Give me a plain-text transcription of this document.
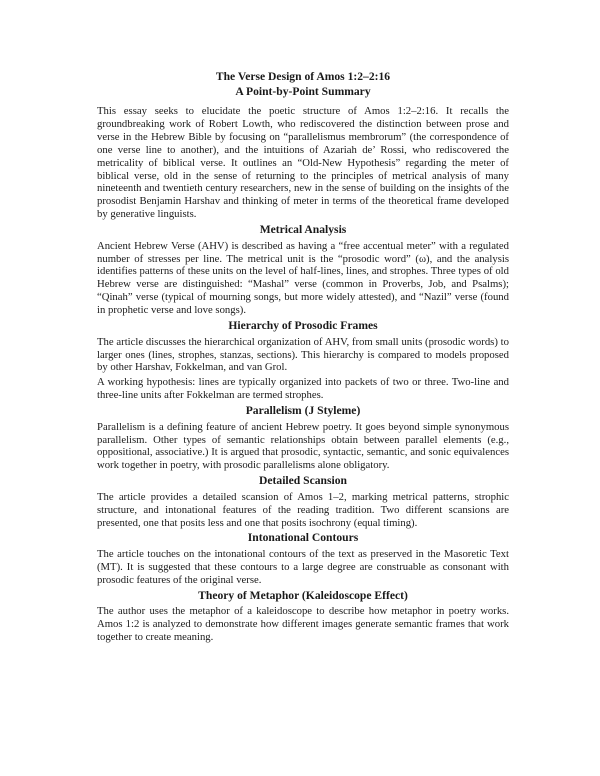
The Verse Design of Amos 1:2–2:16

A Point-by-Point Summary

This essay seeks to elucidate the poetic structure of Amos 1:2–2:16. It recalls the groundbreaking work of Robert Lowth, who rediscovered the distinction between prose and verse in the Hebrew Bible by focusing on “parallelismus membrorum” (the correspondence of one verse line to another), and the intuitions of Azariah de’ Rossi, who rediscovered the metricality of biblical verse. It outlines an “Old-New Hypothesis” regarding the meter of biblical verse, old in the sense of returning to the principles of metrical analysis of many nineteenth and twentieth century researchers, new in the sense of building on the insights of the prosodist Benjamin Harshav and thinking of meter in terms of the theoretical frame developed by generative linguists.

Metrical Analysis

Ancient Hebrew Verse (AHV) is described as having a “free accentual meter” with a regulated number of stresses per line. The metrical unit is the “prosodic word” (ω), and the analysis identifies patterns of these units on the level of half-lines, lines, and strophes. Three types of old Hebrew verse are distinguished: “Mashal” verse (common in Proverbs, Job, and Psalms); “Qinah” verse (typical of mourning songs, but more widely attested), and “Nazil” verse (found in prophetic verse and love songs).

Hierarchy of Prosodic Frames

The article discusses the hierarchical organization of AHV, from small units (prosodic words) to larger ones (lines, strophes, stanzas, sections). This hierarchy is compared to models proposed by other Harshav, Fokkelman, and van Grol.

A working hypothesis: lines are typically organized into packets of two or three. Two-line and three-line units after Fokkelman are termed strophes.

Parallelism (J Styleme)

Parallelism is a defining feature of ancient Hebrew poetry. It goes beyond simple synonymous parallelism. Other types of semantic relationships obtain between parallel elements (e.g., oppositional, associative.) It is argued that prosodic, syntactic, semantic, and sonic equivalences work together in poetry, with prosodic parallelisms alone obligatory.

Detailed Scansion

The article provides a detailed scansion of Amos 1–2, marking metrical patterns, strophic structure, and intonational features of the reading tradition. Two different scansions are presented, one that posits less and one that posits isochrony (equal timing).

Intonational Contours

The article touches on the intonational contours of the text as preserved in the Masoretic Text (MT). It is suggested that these contours to a large degree are construable as consonant with prosodic features of the original verse.

Theory of Metaphor (Kaleidoscope Effect)

The author uses the metaphor of a kaleidoscope to describe how metaphor in poetry works. Amos 1:2 is analyzed to demonstrate how different images generate semantic frames that work together to create meaning.
